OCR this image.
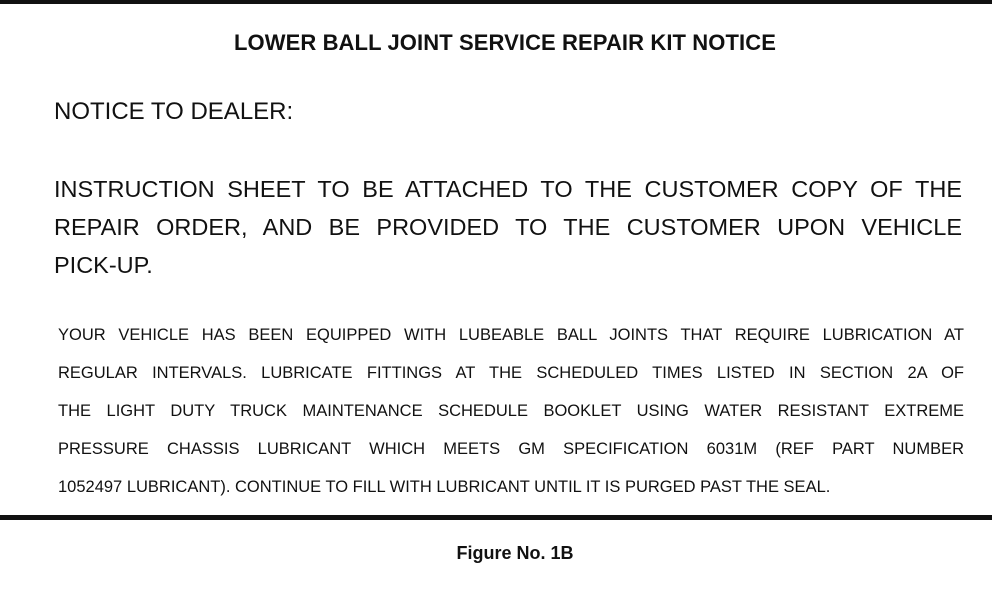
LOWER BALL JOINT SERVICE REPAIR KIT NOTICE
NOTICE TO DEALER:
INSTRUCTION SHEET TO BE ATTACHED TO THE CUSTOMER COPY OF THE
REPAIR ORDER, AND BE PROVIDED TO THE CUSTOMER UPON VEHICLE
PICK-UP.
YOUR VEHICLE HAS BEEN EQUIPPED WITH LUBEABLE BALL JOINTS THAT REQUIRE LUBRICATION AT
REGULAR INTERVALS. LUBRICATE FITTINGS AT THE SCHEDULED TIMES LISTED IN SECTION 2A OF
THE LIGHT DUTY TRUCK MAINTENANCE SCHEDULE BOOKLET USING WATER RESISTANT EXTREME
PRESSURE CHASSIS LUBRICANT WHICH MEETS GM SPECIFICATION 6031M (REF PART NUMBER
1052497 LUBRICANT). CONTINUE TO FILL WITH LUBRICANT UNTIL IT IS PURGED PAST THE SEAL.
Figure No. 1B
